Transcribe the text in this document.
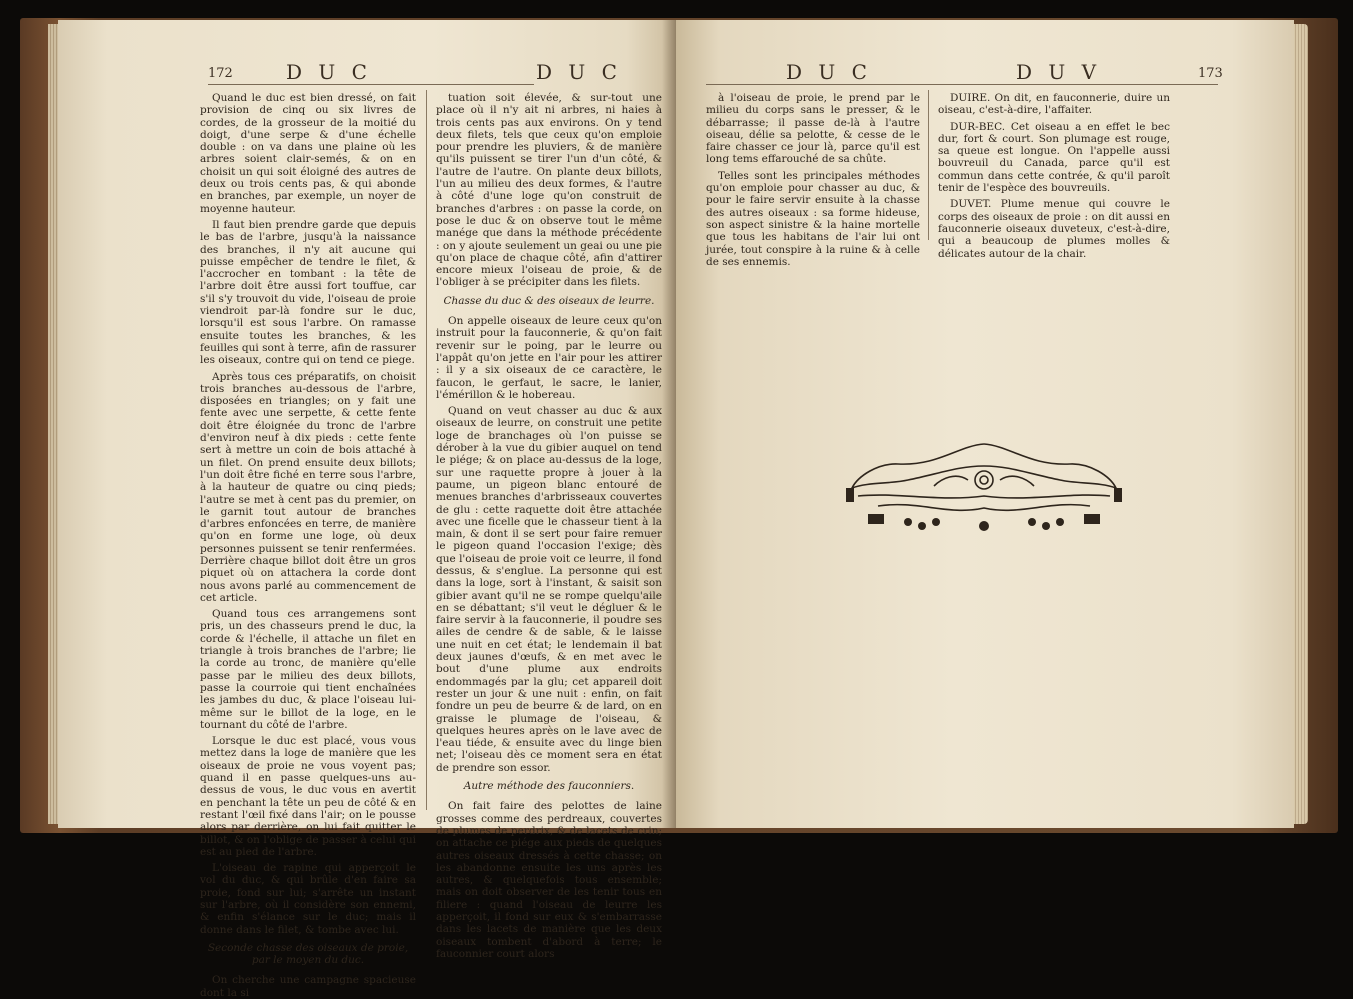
172	D U C	D U C

Quand le duc est bien dressé, on fait provision de cinq ou six livres de cordes, de la grosseur de la moitié du doigt, d'une serpe & d'une échelle double : on va dans une plaine où les arbres soient clair-semés, & on en choisit un qui soit éloigné des autres de deux ou trois cents pas, & qui abonde en branches, par exemple, un noyer de moyenne hauteur.

Il faut bien prendre garde que depuis le bas de l'arbre, jusqu'à la naissance des branches, il n'y ait aucune qui puisse empêcher de tendre le filet, & l'accrocher en tombant : la tête de l'arbre doit être aussi fort touffue, car s'il s'y trouvoit du vide, l'oiseau de proie viendroit par-là fondre sur le duc, lorsqu'il est sous l'arbre. On ramasse ensuite toutes les branches, & les feuilles qui sont à terre, afin de rassurer les oiseaux, contre qui on tend ce piege.

Après tous ces préparatifs, on choisit trois branches au-dessous de l'arbre, disposées en triangles; on y fait une fente avec une serpette, & cette fente doit être éloignée du tronc de l'arbre d'environ neuf à dix pieds : cette fente sert à mettre un coin de bois attaché à un filet. On prend ensuite deux billots; l'un doit être fiché en terre sous l'arbre, à la hauteur de quatre ou cinq pieds; l'autre se met à cent pas du premier, on le garnit tout autour de branches d'arbres enfoncées en terre, de manière qu'on en forme une loge, où deux personnes puissent se tenir renfermées. Derrière chaque billot doit être un gros piquet où on attachera la corde dont nous avons parlé au commencement de cet article.

Quand tous ces arrangemens sont pris, un des chasseurs prend le duc, la corde & l'échelle, il attache un filet en triangle à trois branches de l'arbre; lie la corde au tronc, de manière qu'elle passe par le milieu des deux billots, passe la courroie qui tient enchaînées les jambes du duc, & place l'oiseau lui-même sur le billot de la loge, en le tournant du côté de l'arbre.

Lorsque le duc est placé, vous vous mettez dans la loge de manière que les oiseaux de proie ne vous voyent pas; quand il en passe quelques-uns au-dessus de vous, le duc vous en avertit en penchant la tête un peu de côté & en restant l'œil fixé dans l'air; on le pousse alors par derrière, on lui fait quitter le billot, & on l'oblige de passer à celui qui est au pied de l'arbre.

L'oiseau de rapine qui apperçoit le vol du duc, & qui brûle d'en faire sa proie, fond sur lui; s'arrête un instant sur l'arbre, où il considère son ennemi, & enfin s'élance sur le duc; mais il donne dans le filet, & tombe avec lui.

Seconde chasse des oiseaux de proie, par le moyen du duc.

On cherche une campagne spacieuse dont la si

tuation soit élevée, & sur-tout une place où il n'y ait ni arbres, ni haies à trois cents pas aux environs. On y tend deux filets, tels que ceux qu'on emploie pour prendre les pluviers, & de manière qu'ils puissent se tirer l'un d'un côté, & l'autre de l'autre. On plante deux billots, l'un au milieu des deux formes, & l'autre à côté d'une loge qu'on construit de branches d'arbres : on passe la corde, on pose le duc & on observe tout le même manége que dans la méthode précédente : on y ajoute seulement un geai ou une pie qu'on place de chaque côté, afin d'attirer encore mieux l'oiseau de proie, & de l'obliger à se précipiter dans les filets.

Chasse du duc & des oiseaux de leurre.

On appelle oiseaux de leure ceux qu'on instruit pour la fauconnerie, & qu'on fait revenir sur le poing, par le leurre ou l'appât qu'on jette en l'air pour les attirer : il y a six oiseaux de ce caractère, le faucon, le gerfaut, le sacre, le lanier, l'émérillon & le hobereau.

Quand on veut chasser au duc & aux oiseaux de leurre, on construit une petite loge de branchages où l'on puisse se dérober à la vue du gibier auquel on tend le piége; & on place au-dessus de la loge, sur une raquette propre à jouer à la paume, un pigeon blanc entouré de menues branches d'arbrisseaux couvertes de glu : cette raquette doit être attachée avec une ficelle que le chasseur tient à la main, & dont il se sert pour faire remuer le pigeon quand l'occasion l'exige; dès que l'oiseau de proie voit ce leurre, il fond dessus, & s'englue. La personne qui est dans la loge, sort à l'instant, & saisit son gibier avant qu'il ne se rompe quelqu'aile en se débattant; s'il veut le dégluer & le faire servir à la fauconnerie, il poudre ses ailes de cendre & de sable, & le laisse une nuit en cet état; le lendemain il bat deux jaunes d'œufs, & en met avec le bout d'une plume aux endroits endommagés par la glu; cet appareil doit rester un jour & une nuit : enfin, on fait fondre un peu de beurre & de lard, on en graisse le plumage de l'oiseau, & quelques heures après on le lave avec de l'eau tiéde, & ensuite avec du linge bien net; l'oiseau dès ce moment sera en état de prendre son essor.

Autre méthode des fauconniers.

On fait faire des pelottes de laine grosses comme des perdreaux, couvertes de plumes de perdrix, & de lacets de crin; on attache ce piége aux pieds de quelques autres oiseaux dressés à cette chasse; on les abandonne ensuite les uns après les autres, & quelquefois tous ensemble; mais on doit observer de les tenir tous en filiere : quand l'oiseau de leurre les apperçoit, il fond sur eux & s'embarrasse dans les lacets de manière que les deux oiseaux tombent d'abord à terre; le fauconnier court alors

D U C	D U V	173

à l'oiseau de proie, le prend par le milieu du corps sans le presser, & le débarrasse; il passe de-là à l'autre oiseau, délie sa pelotte, & cesse de le faire chasser ce jour là, parce qu'il est long tems effarouché de sa chûte.

Telles sont les principales méthodes qu'on emploie pour chasser au duc, & pour le faire servir ensuite à la chasse des autres oiseaux : sa forme hideuse, son aspect sinistre & la haine mortelle que tous les habitans de l'air lui ont jurée, tout conspire à la ruine & à celle de ses ennemis.

DUIRE. On dit, en fauconnerie, duire un oiseau, c'est-à-dire, l'affaiter.

DUR-BEC. Cet oiseau a en effet le bec dur, fort & court. Son plumage est rouge, sa queue est longue. On l'appelle aussi bouvreuil du Canada, parce qu'il est commun dans cette contrée, & qu'il paroît tenir de l'espèce des bouvreuils.

DUVET. Plume menue qui couvre le corps des oiseaux de proie : on dit aussi en fauconnerie oiseaux duveteux, c'est-à-dire, qui a beaucoup de plumes molles & délicates autour de la chair.
